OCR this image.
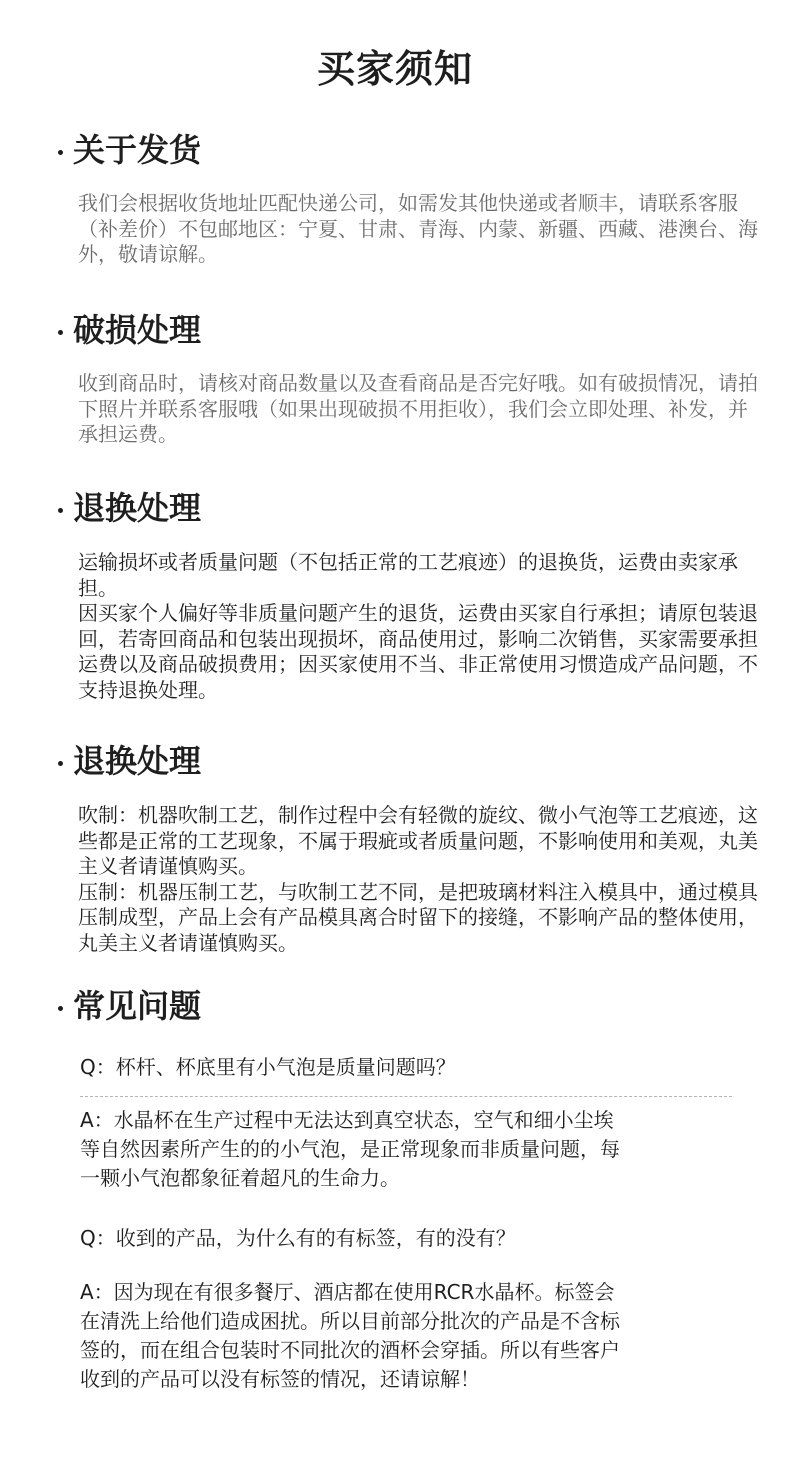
买家须知
关于发货

我们会根据收货地址匹配快递公司，如需发其他快递或者顺丰，请联系客服（补差价）不包邮地区：宁夏、甘肃、青海、内蒙、新疆、西藏、港澳台、海外，敬请谅解。

破损处理

收到商品时，请核对商品数量以及查看商品是否完好哦。如有破损情况，请拍下照片并联系客服哦（如果出现破损不用拒收），我们会立即处理、补发，并承担运费。

退换处理

运输损坏或者质量问题（不包括正常的工艺痕迹）的退换货，运费由卖家承担。

因买家个人偏好等非质量问题产生的退货，运费由买家自行承担；请原包装退回，若寄回商品和包装出现损坏，商品使用过，影响二次销售，买家需要承担运费以及商品破损费用；因买家使用不当、非正常使用习惯造成产品问题，不支持退换处理。

退换处理

吹制：机器吹制工艺，制作过程中会有轻微的旋纹、微小气泡等工艺痕迹，这些都是正常的工艺现象，不属于瑕疵或者质量问题，不影响使用和美观，丸美主义者请谨慎购买。

压制：机器压制工艺，与吹制工艺不同，是把玻璃材料注入模具中，通过模具压制成型，产品上会有产品模具离合时留下的接缝，不影响产品的整体使用，丸美主义者请谨慎购买。

常见问题

Q：杯杆、杯底里有小气泡是质量问题吗？

A：水晶杯在生产过程中无法达到真空状态，空气和细小尘埃

等自然因素所产生的的小气泡，是正常现象而非质量问题，每

一颗小气泡都象征着超凡的生命力。

Q：收到的产品，为什么有的有标签，有的没有？

A：因为现在有很多餐厅、酒店都在使用RCR水晶杯。标签会

在清洗上给他们造成困扰。所以目前部分批次的产品是不含标

签的，而在组合包装时不同批次的酒杯会穿插。所以有些客户

收到的产品可以没有标签的情况，还请谅解！
